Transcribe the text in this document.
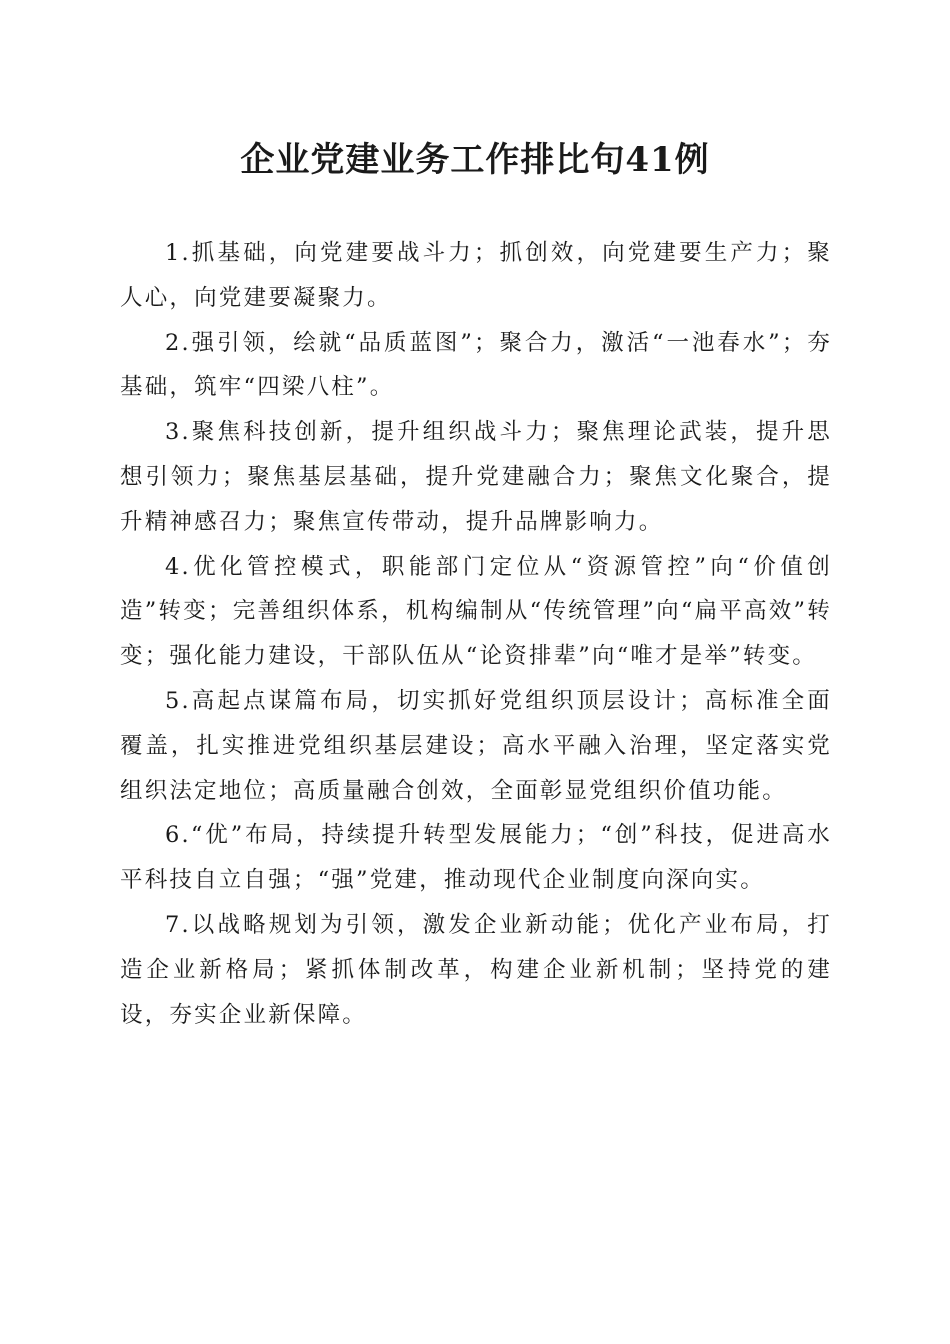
企业党建业务工作排比句41例

1.抓基础，向党建要战斗力；抓创效，向党建要生产力；聚人心，向党建要凝聚力。

2.强引领，绘就“品质蓝图”；聚合力，激活“一池春水”；夯基础，筑牢“四梁八柱”。

3.聚焦科技创新，提升组织战斗力；聚焦理论武装，提升思想引领力；聚焦基层基础，提升党建融合力；聚焦文化聚合，提升精神感召力；聚焦宣传带动，提升品牌影响力。

4.优化管控模式，职能部门定位从“资源管控”向“价值创造”转变；完善组织体系，机构编制从“传统管理”向“扁平高效”转变；强化能力建设，干部队伍从“论资排辈”向“唯才是举”转变。

5.高起点谋篇布局，切实抓好党组织顶层设计；高标准全面覆盖，扎实推进党组织基层建设；高水平融入治理，坚定落实党组织法定地位；高质量融合创效，全面彰显党组织价值功能。

6.“优”布局，持续提升转型发展能力；“创”科技，促进高水平科技自立自强；“强”党建，推动现代企业制度向深向实。

7.以战略规划为引领，激发企业新动能；优化产业布局，打造企业新格局；紧抓体制改革，构建企业新机制；坚持党的建设，夯实企业新保障。
